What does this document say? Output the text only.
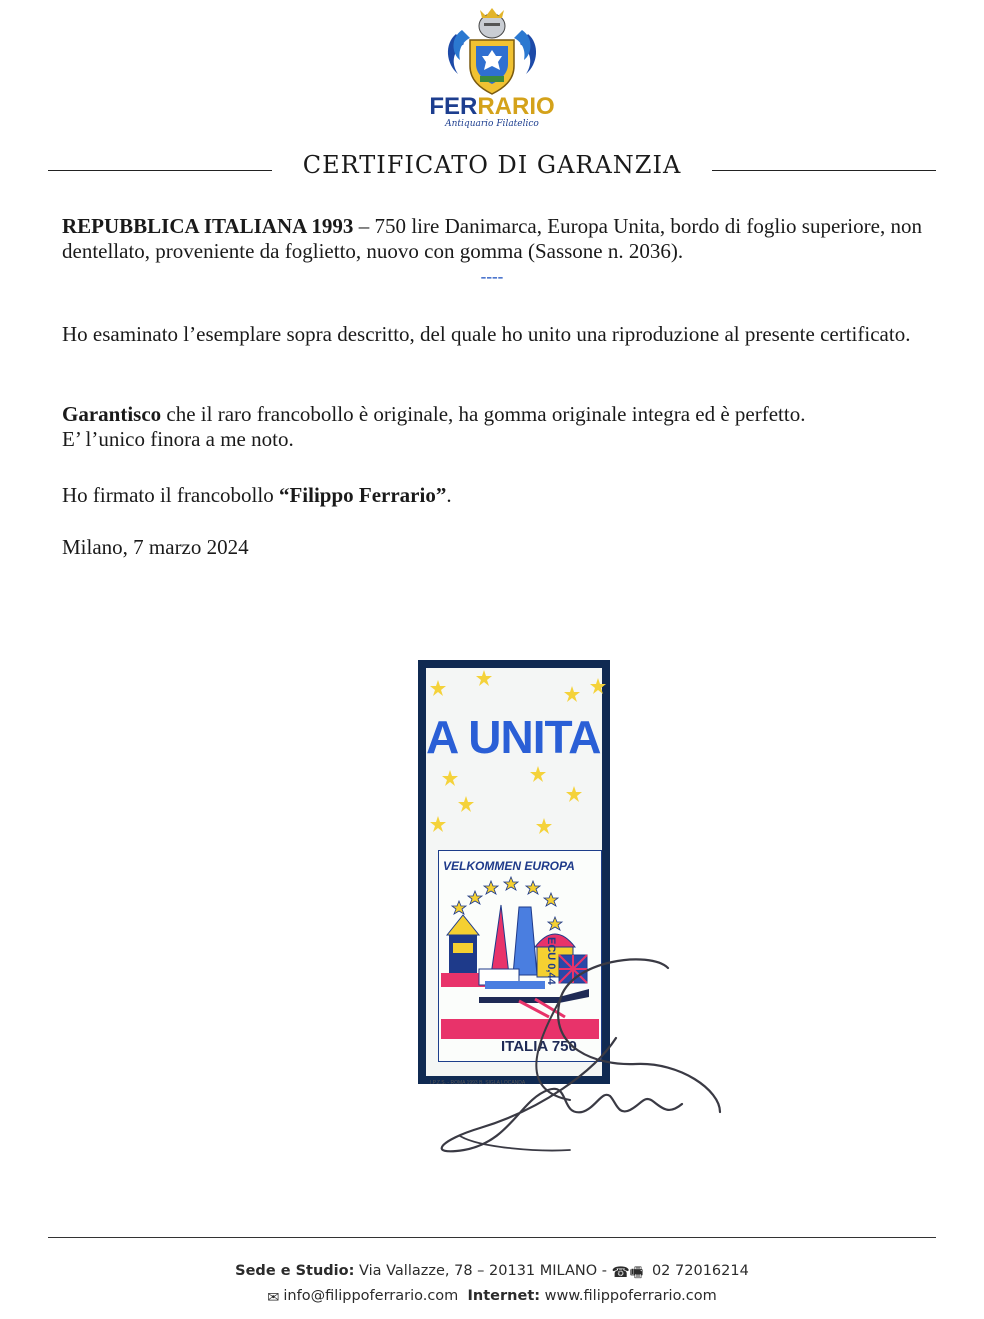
FERRARIO
Antiquario Filatelico
CERTIFICATO DI GARANZIA
REPUBBLICA ITALIANA 1993 – 750 lire Danimarca, Europa Unita, bordo di foglio superiore, non dentellato, proveniente da foglietto, nuovo con gomma (Sassone n. 2036).
----
Ho esaminato l’esemplare sopra descritto, del quale ho unito una riproduzione al presente certificato.
Garantisco che il raro francobollo è originale, ha gomma originale integra ed è perfetto.
E’ l’unico finora a me noto.
Ho firmato il francobollo “Filippo Ferrario”.
Milano, 7 marzo 2024
A UNITA
VELKOMMEN EUROPA
ECU 0,44
ITALIA 750
I.P.Z.S. - ROMA 1993 B. SIGLA LOCANDA
Sede e Studio: Via Vallazze, 78 – 20131 MILANO - ☎🖷 02 72016214
✉ info@filippoferrario.com Internet: www.filippoferrario.com
